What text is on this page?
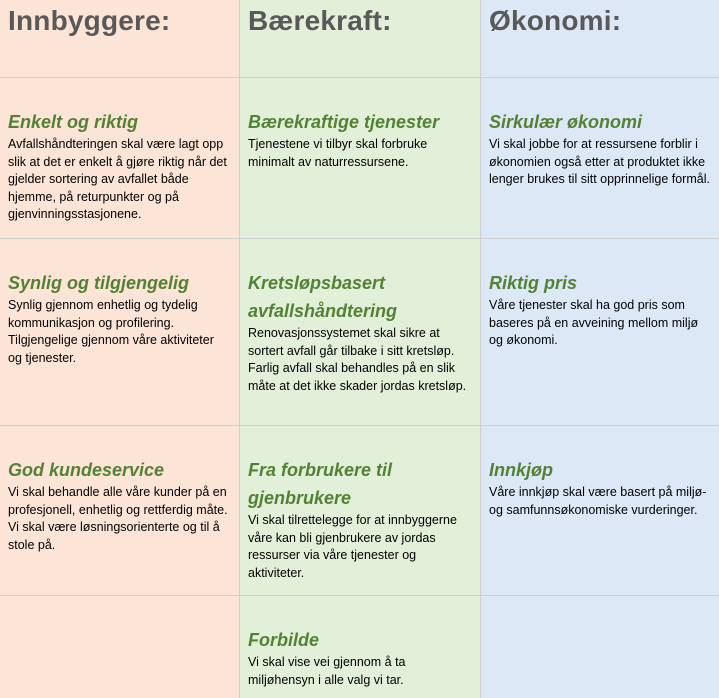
Innbyggere:	Bærekraft:	Økonomi:
Enkelt og riktig

Avfallshåndteringen skal være lagt opp slik at det er enkelt å gjøre riktig når det gjelder sortering av avfallet både hjemme, på returpunkter og på gjenvinningsstasjonene.

Bærekraftige tjenester

Tjenestene vi tilbyr skal forbruke minimalt av naturressursene.

Sirkulær økonomi

Vi skal jobbe for at ressursene forblir i økonomien også etter at produktet ikke lenger brukes til sitt opprinnelige formål.

Synlig og tilgjengelig

Synlig gjennom enhetlig og tydelig kommunikasjon og profilering. Tilgjengelige gjennom våre aktiviteter og tjenester.

Kretsløpsbasert avfallshåndtering

Renovasjonssystemet skal sikre at sortert avfall går tilbake i sitt kretsløp. Farlig avfall skal behandles på en slik måte at det ikke skader jordas kretsløp.

Riktig pris

Våre tjenester skal ha god pris som baseres på en avveining mellom miljø og økonomi.

God kundeservice

Vi skal behandle alle våre kunder på en profesjonell, enhetlig og rettferdig måte. Vi skal være løsningsorienterte og til å stole på.

Fra forbrukere til gjenbrukere

Vi skal tilrettelegge for at innbyggerne våre kan bli gjenbrukere av jordas ressurser via våre tjenester og aktiviteter.

Innkjøp

Våre innkjøp skal være basert på miljø- og samfunnsøkonomiske vurderinger.

Forbilde

Vi skal vise vei gjennom å ta miljøhensyn i alle valg vi tar.
